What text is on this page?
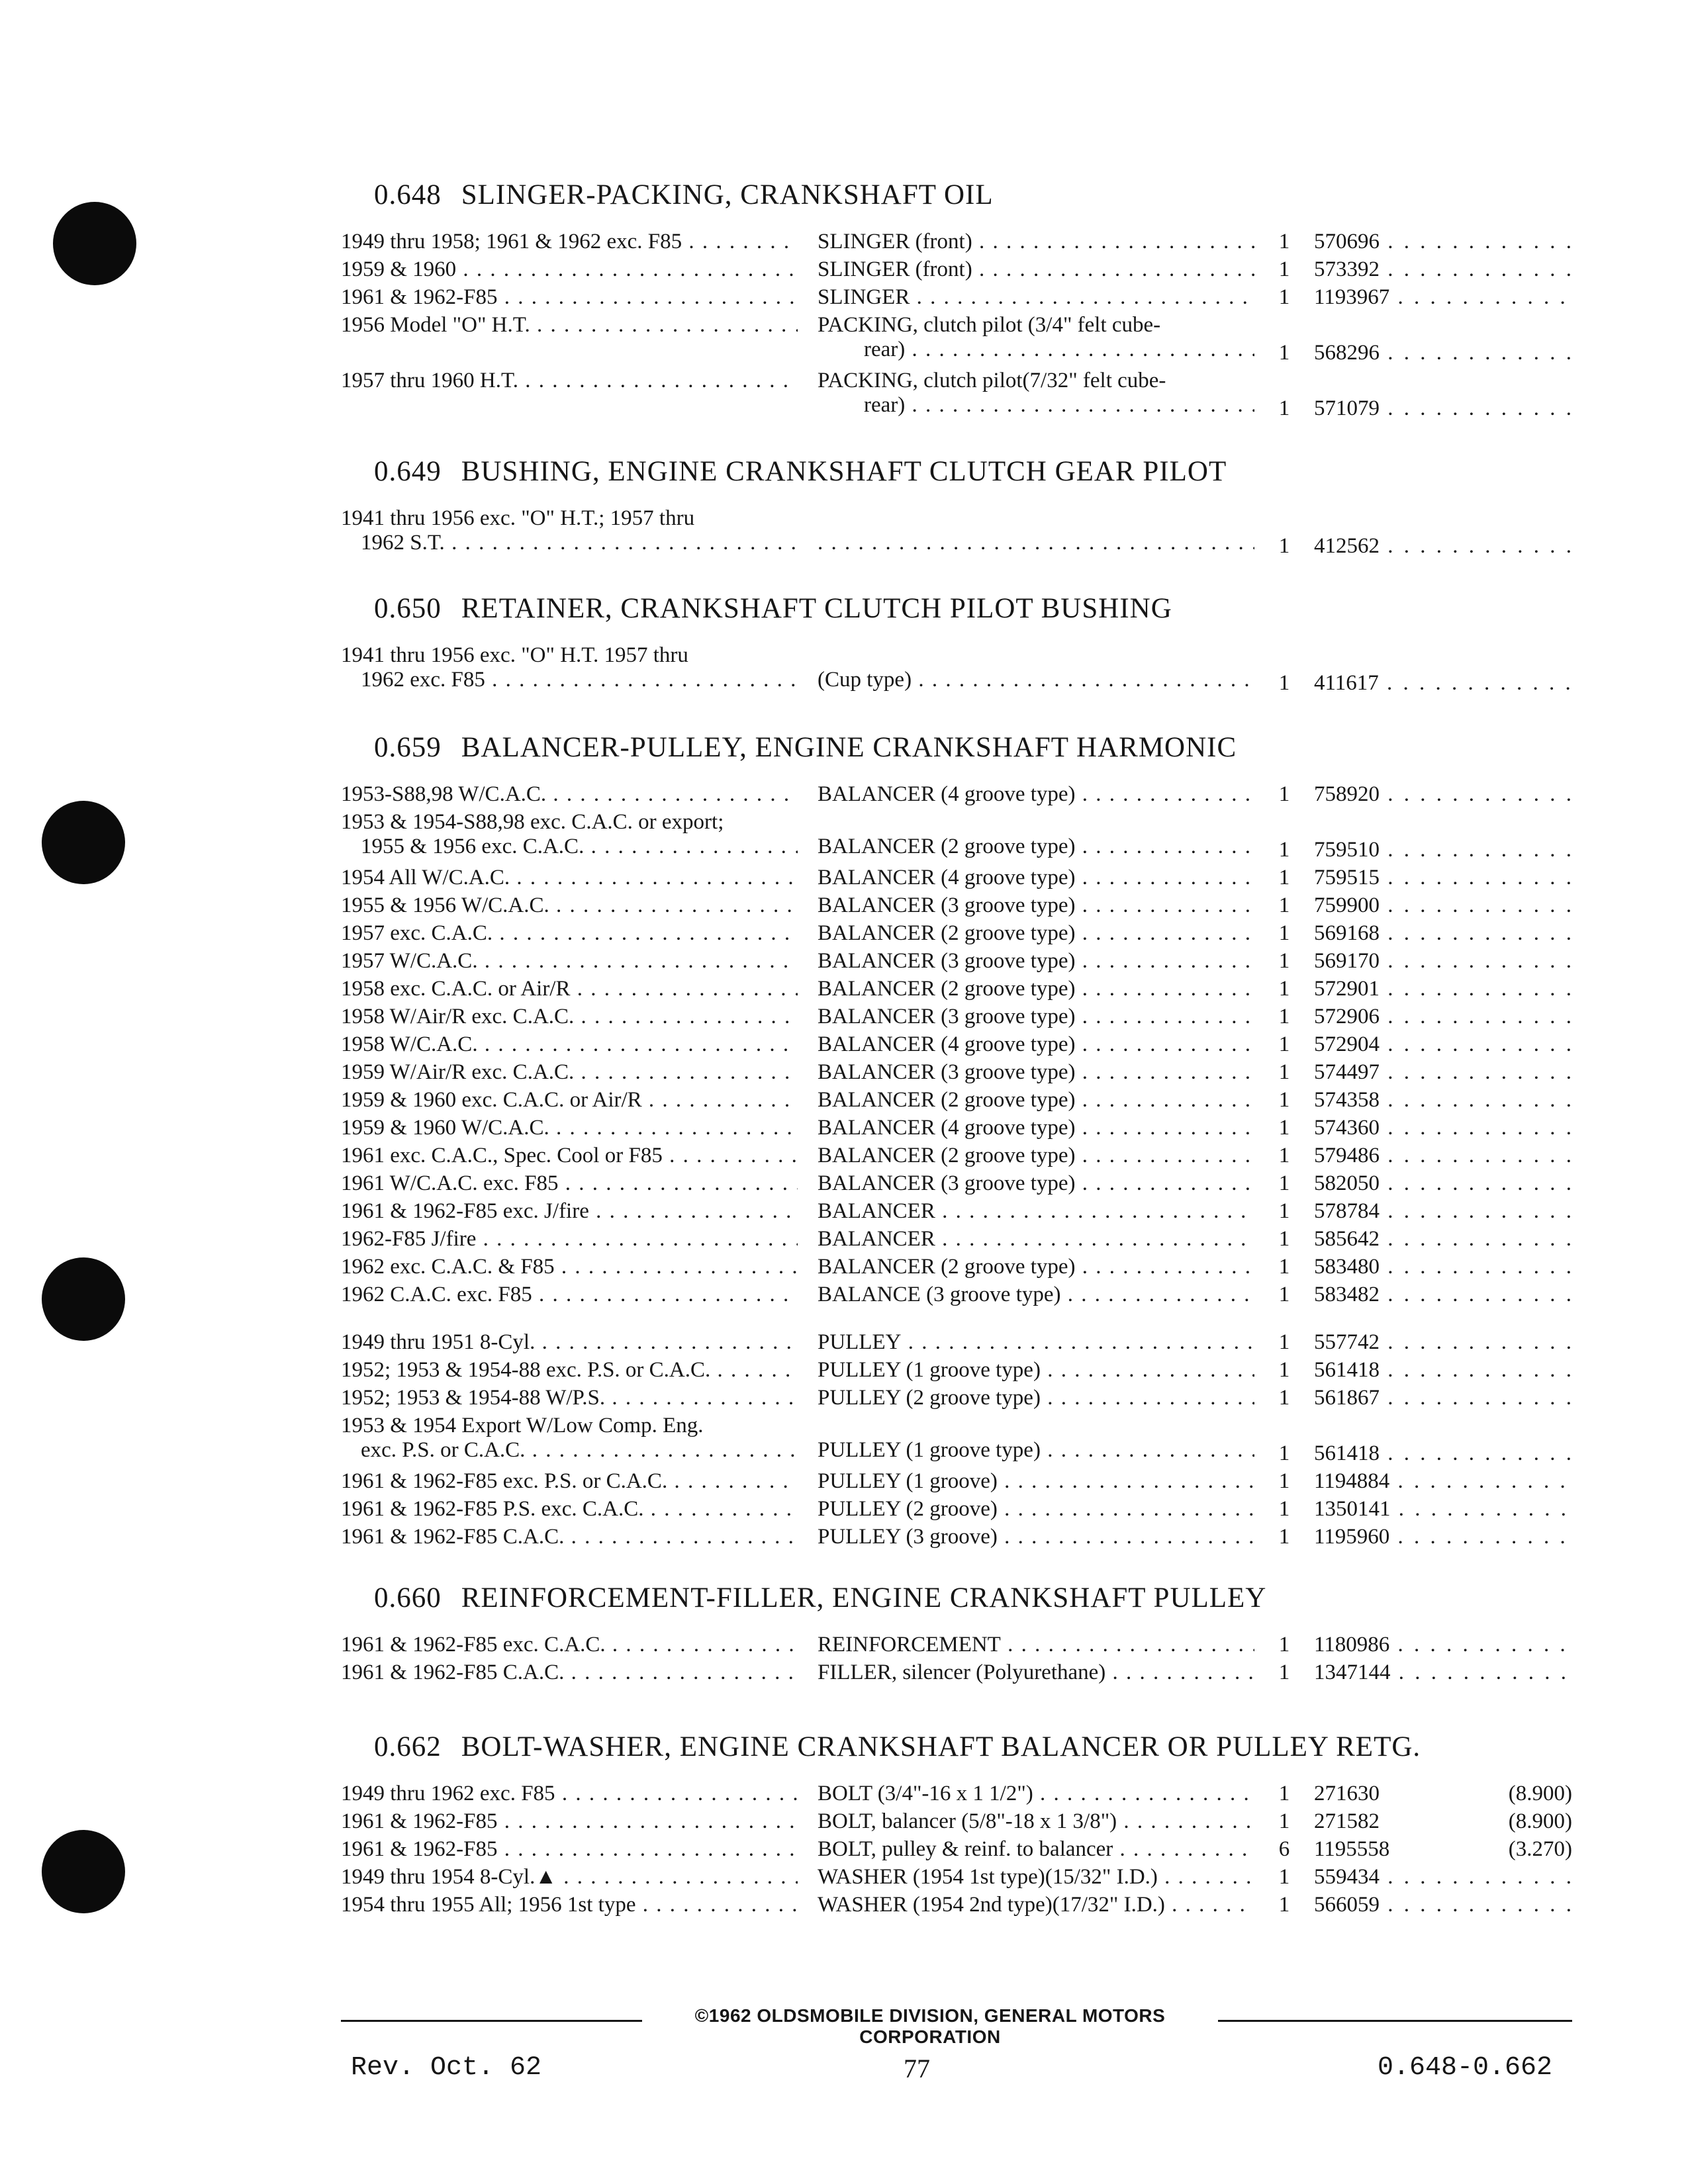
0.648 SLINGER-PACKING, CRANKSHAFT OIL
1949 thru 1958; 1961 & 1962 exc. F85 . . .	SLINGER (front) . . .	1	570696 . . .
1959 & 1960 . . .	SLINGER (front) . . .	1	573392 . . .
1961 & 1962-F85 . . .	SLINGER . . .	1	1193967 . . .
1956 Model "O" H.T. . . .	PACKING, clutch pilot (3/4" felt cube-
rear) . . .	1	568296 . . .
1957 thru 1960 H.T. . . .	PACKING, clutch pilot(7/32" felt cube-
rear) . . .	1	571079 . . .
0.649 BUSHING, ENGINE CRANKSHAFT CLUTCH GEAR PILOT
1941 thru 1956 exc. "O" H.T.; 1957 thru
1962 S.T. . . .

. . .	1	412562 . . .
0.650 RETAINER, CRANKSHAFT CLUTCH PILOT BUSHING
1941 thru 1956 exc. "O" H.T. 1957 thru
1962 exc. F85 . . .
	(Cup type) . . .	1	411617 . . .
0.659 BALANCER-PULLEY, ENGINE CRANKSHAFT HARMONIC
1953-S88,98 W/C.A.C. . . .	BALANCER (4 groove type) . . .	1	758920 . . .
1953 & 1954-S88,98 exc. C.A.C. or export;
1955 & 1956 exc. C.A.C. . . .
	BALANCER (2 groove type) . . .	1	759510 . . .
1954 All W/C.A.C. . . .	BALANCER (4 groove type) . . .	1	759515 . . .
1955 & 1956 W/C.A.C. . . .	BALANCER (3 groove type) . . .	1	759900 . . .
1957 exc. C.A.C. . . .	BALANCER (2 groove type) . . .	1	569168 . . .
1957 W/C.A.C. . . .	BALANCER (3 groove type) . . .	1	569170 . . .
1958 exc. C.A.C. or Air/R . . .	BALANCER (2 groove type) . . .	1	572901 . . .
1958 W/Air/R exc. C.A.C. . . .	BALANCER (3 groove type) . . .	1	572906 . . .
1958 W/C.A.C. . . .	BALANCER (4 groove type) . . .	1	572904 . . .
1959 W/Air/R exc. C.A.C. . . .	BALANCER (3 groove type) . . .	1	574497 . . .
1959 & 1960 exc. C.A.C. or Air/R . . .	BALANCER (2 groove type) . . .	1	574358 . . .
1959 & 1960 W/C.A.C. . . .	BALANCER (4 groove type) . . .	1	574360 . . .
1961 exc. C.A.C., Spec. Cool or F85 . . .	BALANCER (2 groove type) . . .	1	579486 . . .
1961 W/C.A.C. exc. F85 . . .	BALANCER (3 groove type) . . .	1	582050 . . .
1961 & 1962-F85 exc. J/fire . . .	BALANCER . . .	1	578784 . . .
1962-F85 J/fire . . .	BALANCER . . .	1	585642 . . .
1962 exc. C.A.C. & F85 . . .	BALANCER (2 groove type) . . .	1	583480 . . .
1962 C.A.C. exc. F85 . . .	BALANCE (3 groove type) . . .	1	583482 . . .
1949 thru 1951 8-Cyl. . . .	PULLEY . . .	1	557742 . . .
1952; 1953 & 1954-88 exc. P.S. or C.A.C. . . .	PULLEY (1 groove type) . . .	1	561418 . . .
1952; 1953 & 1954-88 W/P.S. . . .	PULLEY (2 groove type) . . .	1	561867 . . .
1953 & 1954 Export W/Low Comp. Eng.
exc. P.S. or C.A.C. . . .
	PULLEY (1 groove type) . . .	1	561418 . . .
1961 & 1962-F85 exc. P.S. or C.A.C. . . .	PULLEY (1 groove) . . .	1	1194884 . . .
1961 & 1962-F85 P.S. exc. C.A.C. . . .	PULLEY (2 groove) . . .	1	1350141 . . .
1961 & 1962-F85 C.A.C. . . .	PULLEY (3 groove) . . .	1	1195960 . . .
0.660 REINFORCEMENT-FILLER, ENGINE CRANKSHAFT PULLEY
1961 & 1962-F85 exc. C.A.C. . . .	REINFORCEMENT . . .	1	1180986 . . .
1961 & 1962-F85 C.A.C. . . .	FILLER, silencer (Polyurethane) . . .	1	1347144 . . .
0.662 BOLT-WASHER, ENGINE CRANKSHAFT BALANCER OR PULLEY RETG.
1949 thru 1962 exc. F85 . . .	BOLT (3/4"-16 x 1 1/2") . . .	1	271630	(8.900)
1961 & 1962-F85 . . .	BOLT, balancer (5/8"-18 x 1 3/8") . . .	1	271582	(8.900)
1961 & 1962-F85 . . .	BOLT, pulley & reinf. to balancer . . .	6	1195558	(3.270)
1949 thru 1954 8-Cyl.▲ . . .	WASHER (1954 1st type)(15/32" I.D.) . . .	1	559434 . . .
1954 thru 1955 All; 1956 1st type . . .	WASHER (1954 2nd type)(17/32" I.D.) . . .	1	566059 . . .
©1962 OLDSMOBILE DIVISION, GENERAL MOTORS CORPORATION
Rev. Oct. 62	77	0.648-0.662
